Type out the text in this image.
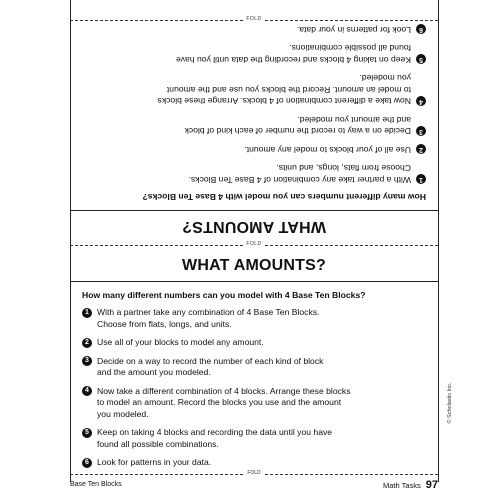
FOLD
WHAT AMOUNTS?
How many different numbers can you model with 4 Base Ten Blocks?
1
With a partner take any combination of 4 Base Ten Blocks.
Choose from flats, longs, and units.
2
Use all of your blocks to model any amount.
3
Decide on a way to record the number of each kind of block
and the amount you modeled.
4
Now take a different combination of 4 blocks. Arrange these blocks
to model an amount. Record the blocks you use and the amount
you modeled.
5
Keep on taking 4 blocks and recording the data until you have
found all possible combinations.
6
Look for patterns in your data.
FOLD
WHAT AMOUNTS?
How many different numbers can you model with 4 Base Ten Blocks?
1 With a partner take any combination of 4 Base Ten Blocks.
Choose from flats, longs, and units.
2 Use all of your blocks to model any amount.
3 Decide on a way to record the number of each kind of block
and the amount you modeled.
4 Now take a different combination of 4 blocks. Arrange these blocks
to model an amount. Record the blocks you use and the amount
you modeled.
5 Keep on taking 4 blocks and recording the data until you have
found all possible combinations.
6 Look for patterns in your data.
© Scholastic Inc.
FOLD
Base Ten Blocks	Math Tasks 97
